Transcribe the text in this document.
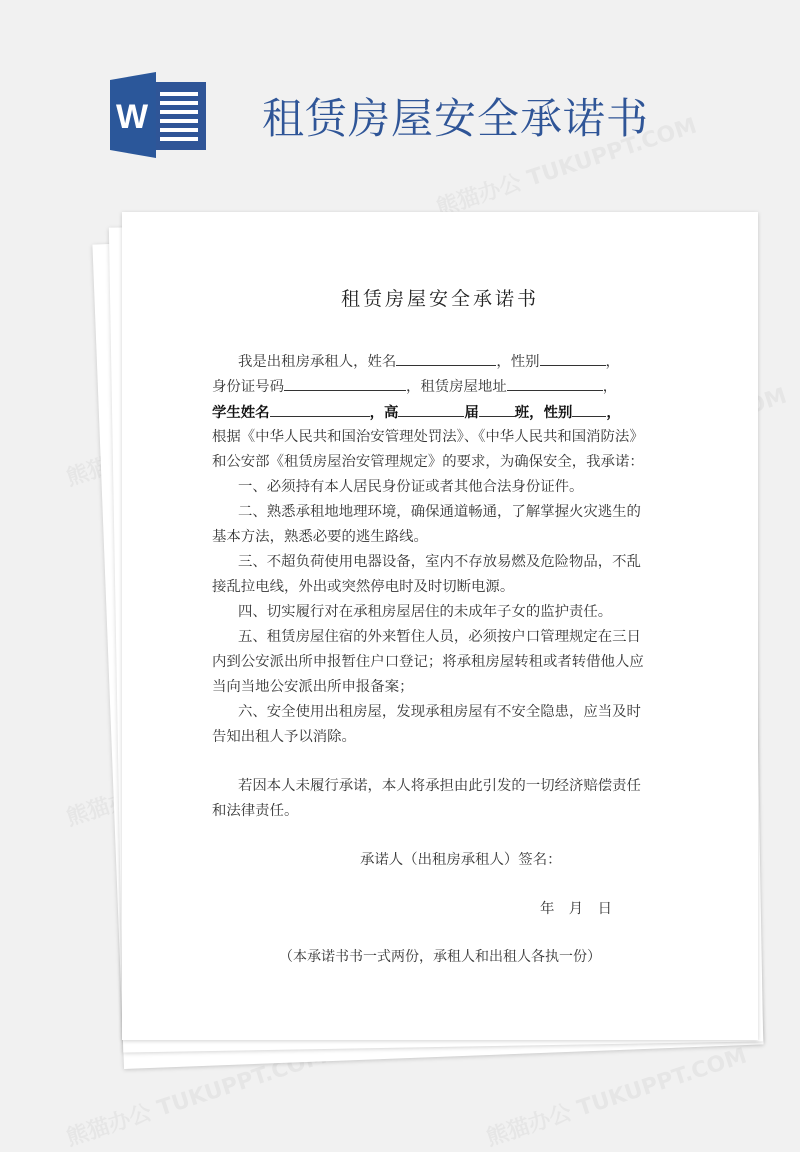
W	租赁房屋安全承诺书
租赁房屋安全承诺书
我是出租房承租人，姓名	，性别	，
身份证号码	，租赁房屋地址	，
学生姓名	，高	届	班，性别 ，
根据《中华人民共和国治安管理处罚法》、《中华人民共和国消防法》
和公安部《租赁房屋治安管理规定》的要求，为确保安全，我承诺：
一、必须持有本人居民身份证或者其他合法身份证件。
二、熟悉承租地地理环境，确保通道畅通，了解掌握火灾逃生的
基本方法，熟悉必要的逃生路线。
三、不超负荷使用电器设备，室内不存放易燃及危险物品，不乱
接乱拉电线，外出或突然停电时及时切断电源。
四、切实履行对在承租房屋居住的未成年子女的监护责任。
五、租赁房屋住宿的外来暂住人员，必须按户口管理规定在三日
内到公安派出所申报暂住户口登记；将承租房屋转租或者转借他人应
当向当地公安派出所申报备案；
六、安全使用出租房屋，发现承租房屋有不安全隐患，应当及时
告知出租人予以消除。
若因本人未履行承诺，本人将承担由此引发的一切经济赔偿责任
和法律责任。
承诺人（出租房承租人）签名：
年　月　日
（本承诺书书一式两份，承租人和出租人各执一份）
